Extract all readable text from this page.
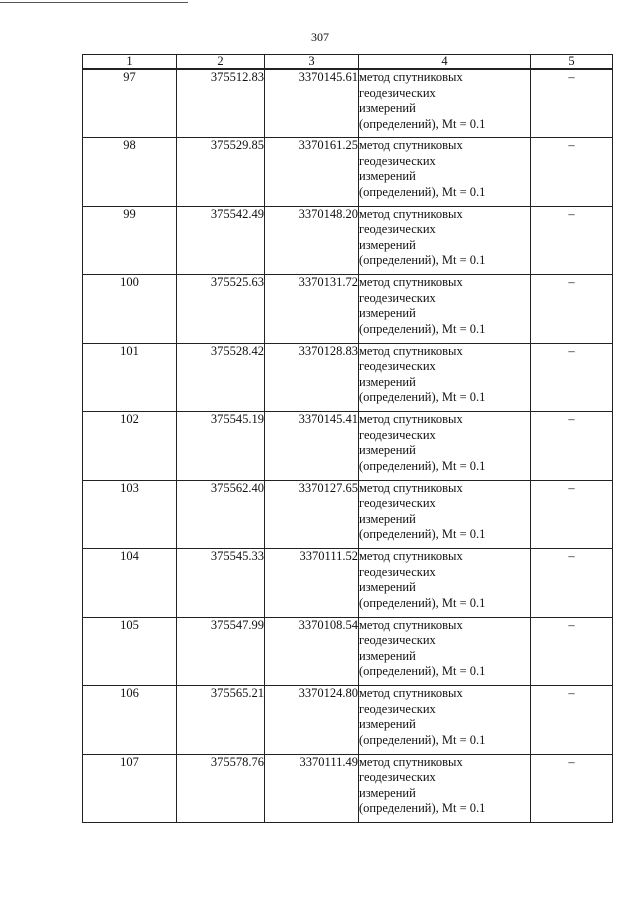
307
1	2	3	4	5
97	375512.83	3370145.61	метод спутниковых
геодезических
измерений
(определений), Mt = 0.1	–
98	375529.85	3370161.25	метод спутниковых
геодезических
измерений
(определений), Mt = 0.1	–
99	375542.49	3370148.20	метод спутниковых
геодезических
измерений
(определений), Mt = 0.1	–
100	375525.63	3370131.72	метод спутниковых
геодезических
измерений
(определений), Mt = 0.1	–
101	375528.42	3370128.83	метод спутниковых
геодезических
измерений
(определений), Mt = 0.1	–
102	375545.19	3370145.41	метод спутниковых
геодезических
измерений
(определений), Mt = 0.1	–
103	375562.40	3370127.65	метод спутниковых
геодезических
измерений
(определений), Mt = 0.1	–
104	375545.33	3370111.52	метод спутниковых
геодезических
измерений
(определений), Mt = 0.1	–
105	375547.99	3370108.54	метод спутниковых
геодезических
измерений
(определений), Mt = 0.1	–
106	375565.21	3370124.80	метод спутниковых
геодезических
измерений
(определений), Mt = 0.1	–
107	375578.76	3370111.49	метод спутниковых
геодезических
измерений
(определений), Mt = 0.1	–
